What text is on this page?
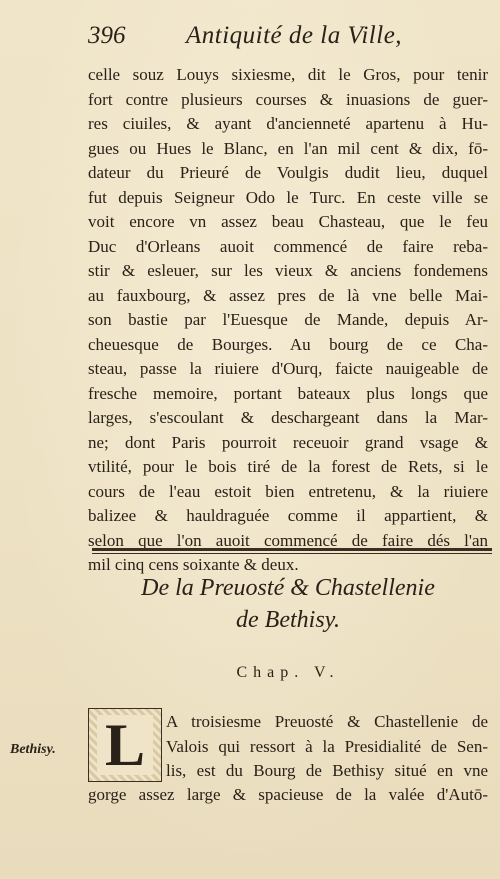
396 Antiquité de la Ville,
celle souz Louys sixiesme, dit le Gros, pour tenir
fort contre plusieurs courses & inuasions de guer-
res ciuiles, & ayant d'ancienneté apartenu à Hu-
gues ou Hues le Blanc, en l'an mil cent & dix, fō-
dateur du Prieuré de Voulgis dudit lieu, duquel
fut depuis Seigneur Odo le Turc. En ceste ville se
voit encore vn assez beau Chasteau, que le feu
Duc d'Orleans auoit commencé de faire reba-
stir & esleuer, sur les vieux & anciens fondemens
au fauxbourg, & assez pres de là vne belle Mai-
son bastie par l'Euesque de Mande, depuis Ar-
cheuesque de Bourges. Au bourg de ce Cha-
steau, passe la riuiere d'Ourq, faicte nauigeable de
fresche memoire, portant bateaux plus longs que
larges, s'escoulant & deschargeant dans la Mar-
ne; dont Paris pourroit receuoir grand vsage &
vtilité, pour le bois tiré de la forest de Rets, si le
cours de l'eau estoit bien entretenu, & la riuiere
balizee & hauldraguée comme il appartient, &
selon que l'on auoit commencé de faire dés l'an
mil cinq cens soixante & deux.
De la Preuosté & Chastellenie
de Bethisy.
Chap. V.
Bethisy. L	A troisiesme Preuosté & Chastellenie de
Valois qui ressort à la Presidialité de Sen-
lis, est du Bourg de Bethisy situé en vne
gorge assez large & spacieuse de la valée d'Autō-
